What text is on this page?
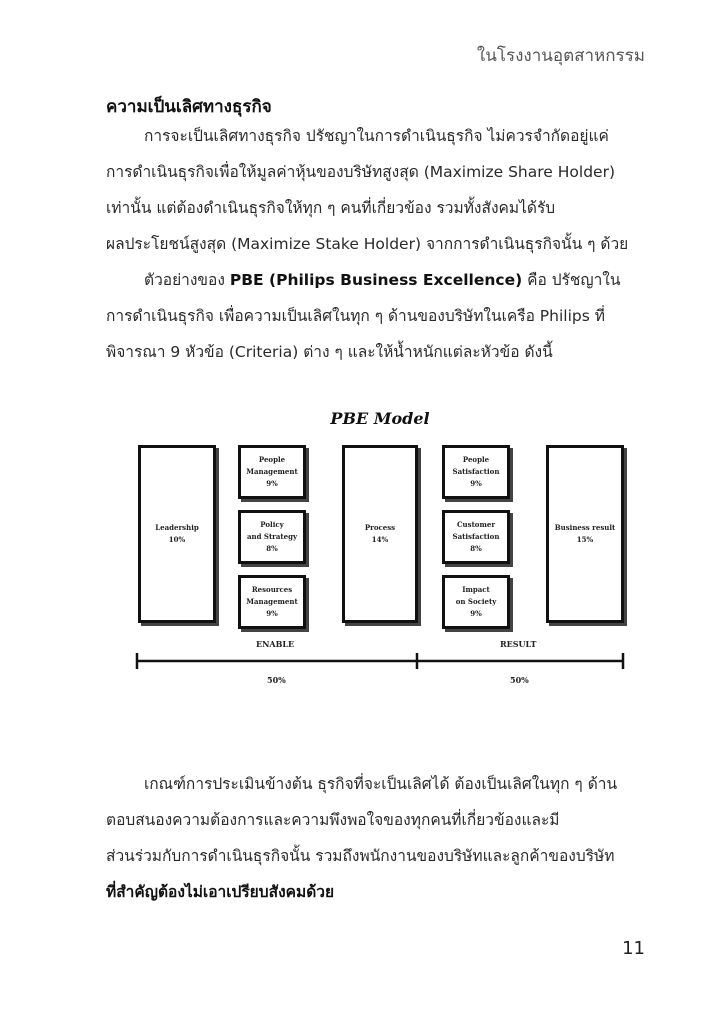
ในโรงงานอุตสาหกรรม
ความเป็นเลิศทางธุรกิจ
การจะเป็นเลิศทางธุรกิจ ปรัชญาในการดำเนินธุรกิจ ไม่ควรจำกัดอยู่แค่
การดำเนินธุรกิจเพื่อให้มูลค่าหุ้นของบริษัทสูงสุด (Maximize Share Holder)
เท่านั้น แต่ต้องดำเนินธุรกิจให้ทุก ๆ คนที่เกี่ยวข้อง รวมทั้งสังคมได้รับ
ผลประโยชน์สูงสุด (Maximize Stake Holder) จากการดำเนินธุรกิจนั้น ๆ ด้วย
ตัวอย่างของ PBE (Philips Business Excellence) คือ ปรัชญาใน
การดำเนินธุรกิจ เพื่อความเป็นเลิศในทุก ๆ ด้านของบริษัทในเครือ Philips ที่
พิจารณา 9 หัวข้อ (Criteria) ต่าง ๆ และให้น้ำหนักแต่ละหัวข้อ ดังนี้
PBE Model
Leadership
10%
People
Management
9%
Policy
and Strategy
8%
Resources
Management
9%
Process
14%
People
Satisfaction
9%
Customer
Satisfaction
8%
Impact
on Society
9%
Business result
15%
ENABLE	RESULT
50%	50%
เกณฑ์การประเมินข้างต้น ธุรกิจที่จะเป็นเลิศได้ ต้องเป็นเลิศในทุก ๆ ด้าน
ตอบสนองความต้องการและความพึงพอใจของทุกคนที่เกี่ยวข้องและมี
ส่วนร่วมกับการดำเนินธุรกิจนั้น รวมถึงพนักงานของบริษัทและลูกค้าของบริษัท
ที่สำคัญต้องไม่เอาเปรียบสังคมด้วย
11
